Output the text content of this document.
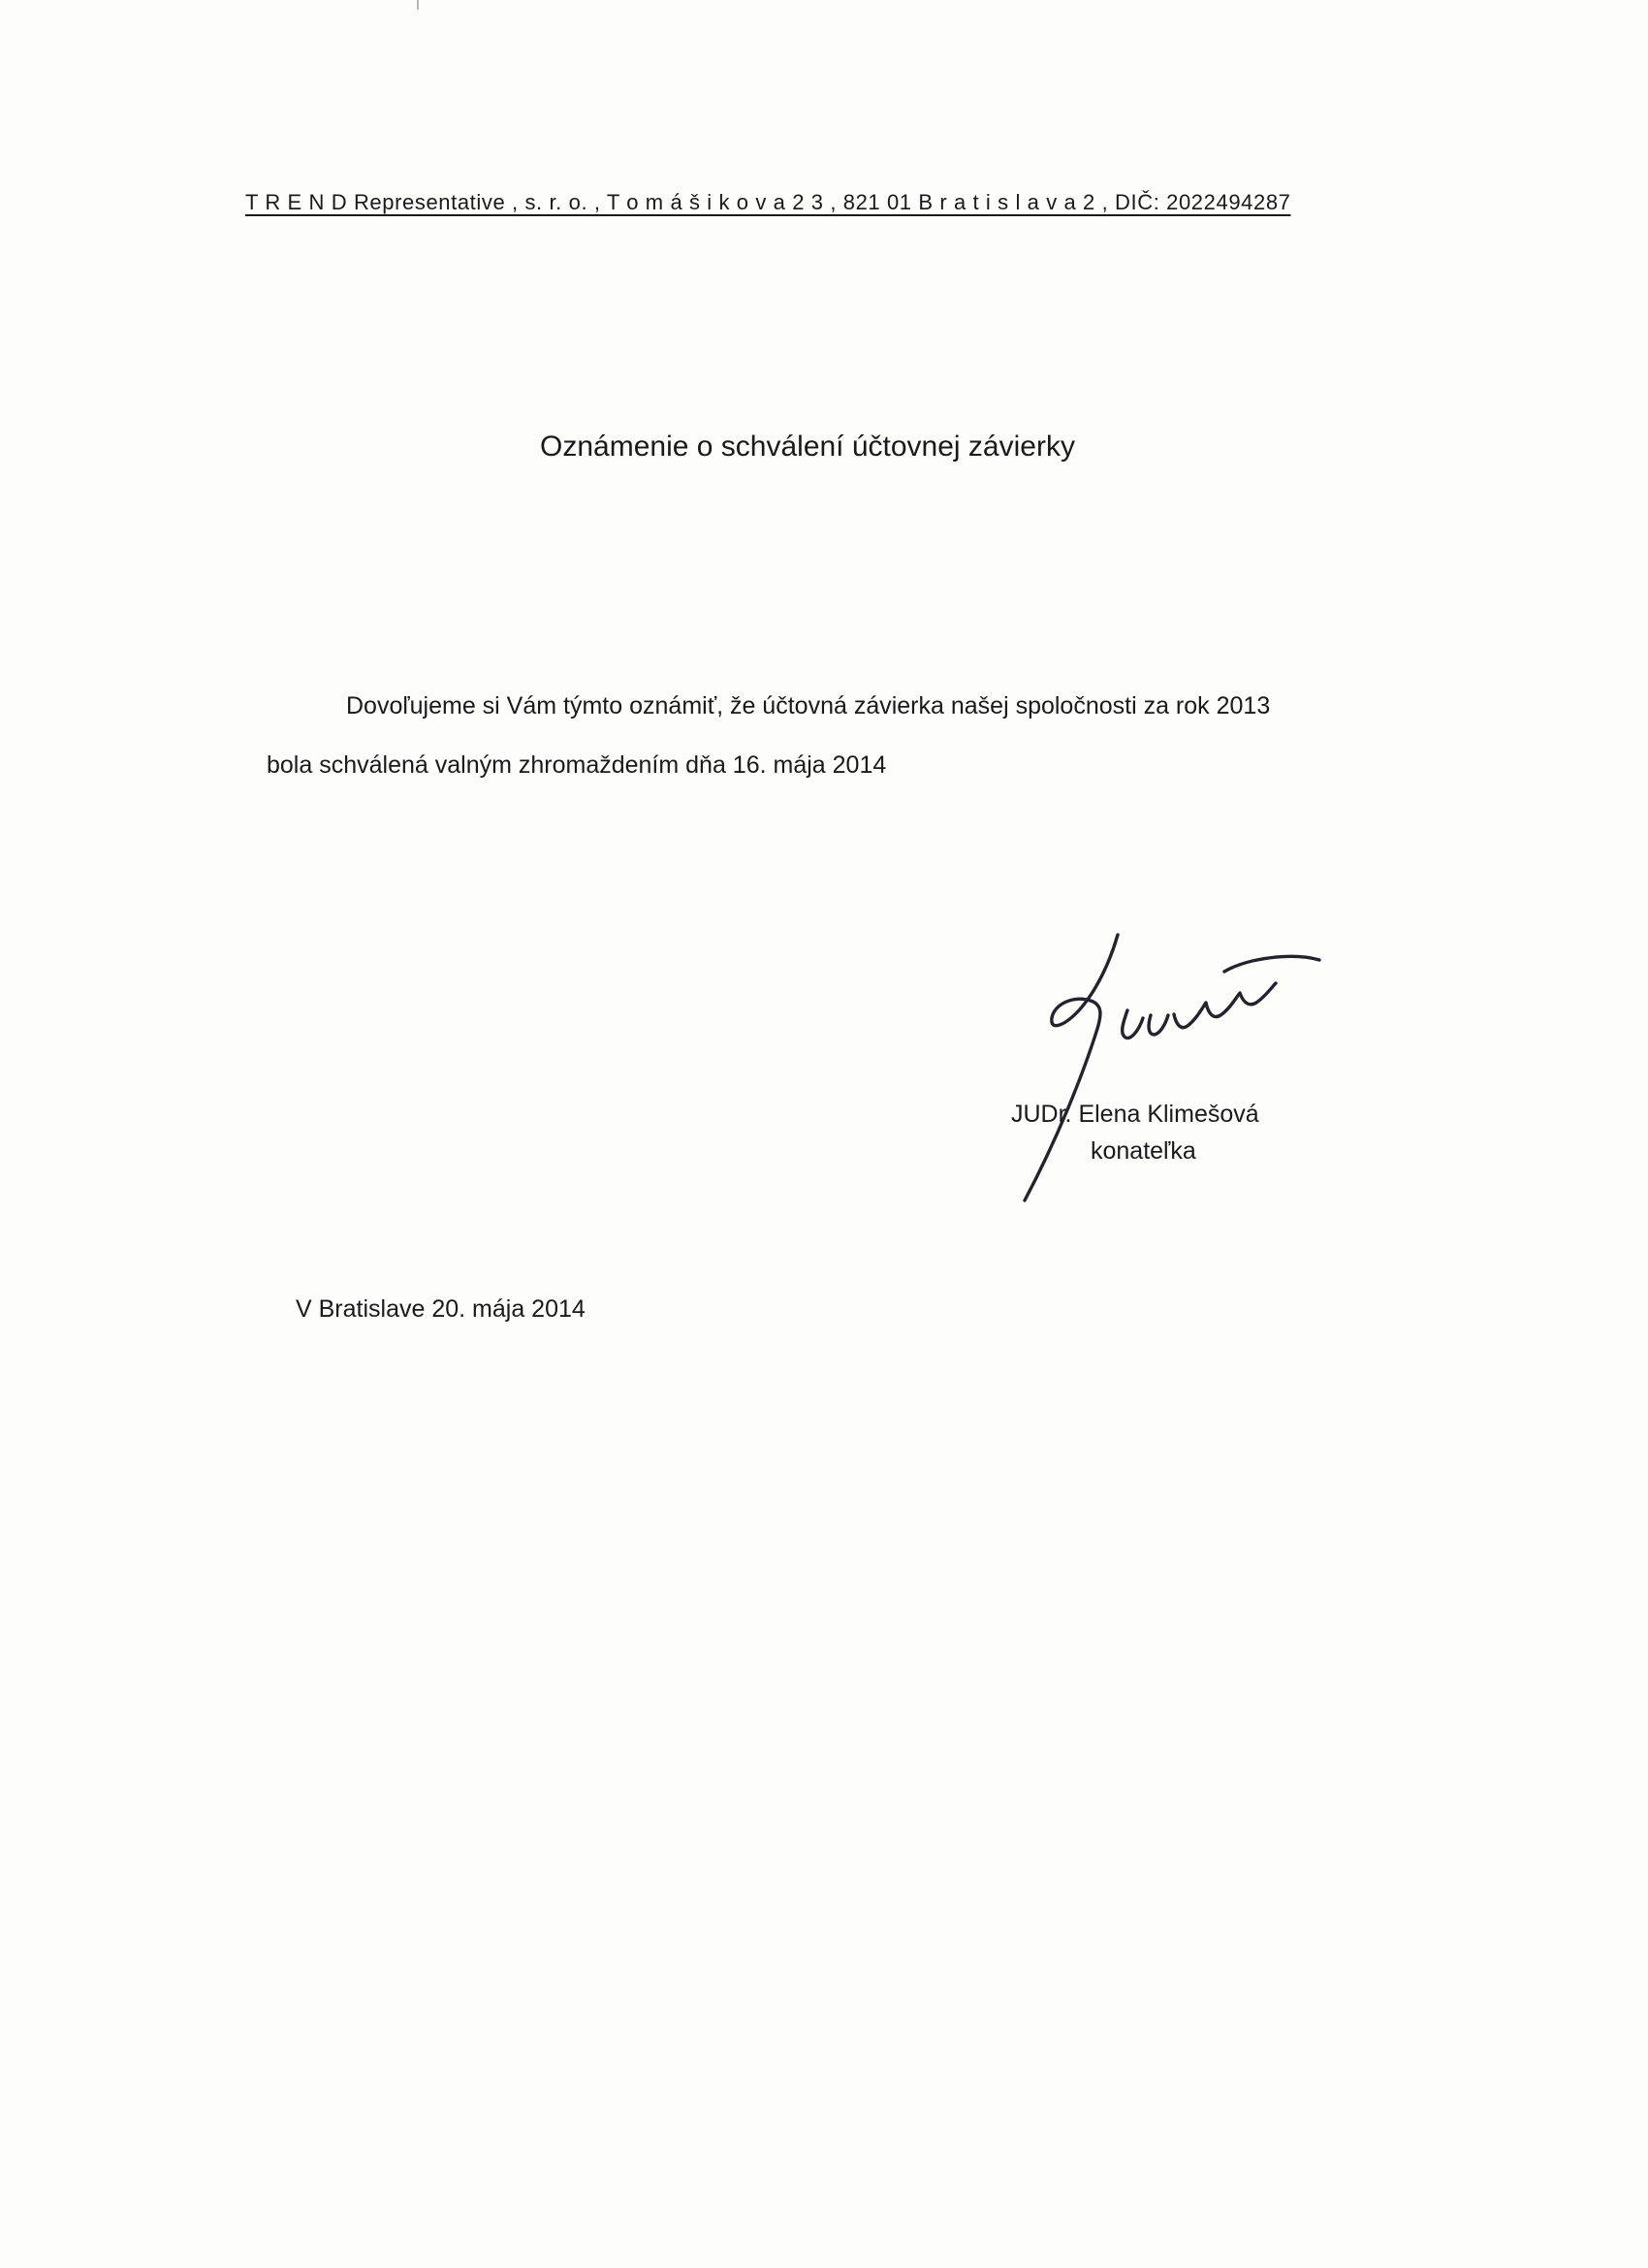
T R E N D Representative , s. r. o. , T o m á š i k o v a 2 3 , 821 01 B r a t i s l a v a 2 , DIČ: 2022494287
Oznámenie o schválení účtovnej závierky
Dovoľujeme si Vám týmto oznámiť, že účtovná závierka našej spoločnosti za rok 2013
bola schválená valným zhromaždením dňa 16. mája 2014
JUDr. Elena Klimešová
konateľka
V Bratislave 20. mája 2014
